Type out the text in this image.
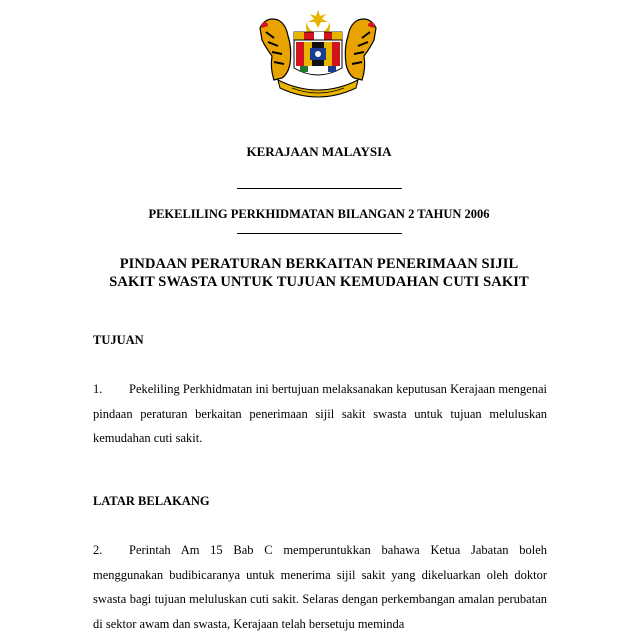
KERAJAAN MALAYSIA
PEKELILING PERKHIDMATAN BILANGAN 2 TAHUN 2006
PINDAAN PERATURAN BERKAITAN PENERIMAAN SIJIL
SAKIT SWASTA UNTUK TUJUAN KEMUDAHAN CUTI SAKIT
TUJUAN
1. Pekeliling Perkhidmatan ini bertujuan melaksanakan keputusan Kerajaan mengenai pindaan peraturan berkaitan penerimaan sijil sakit swasta untuk tujuan meluluskan kemudahan cuti sakit.
LATAR BELAKANG
2. Perintah Am 15 Bab C memperuntukkan bahawa Ketua Jabatan boleh menggunakan budibicaranya untuk menerima sijil sakit yang dikeluarkan oleh doktor swasta bagi tujuan meluluskan cuti sakit. Selaras dengan perkembangan amalan perubatan di sektor awam dan swasta, Kerajaan telah bersetuju meminda
